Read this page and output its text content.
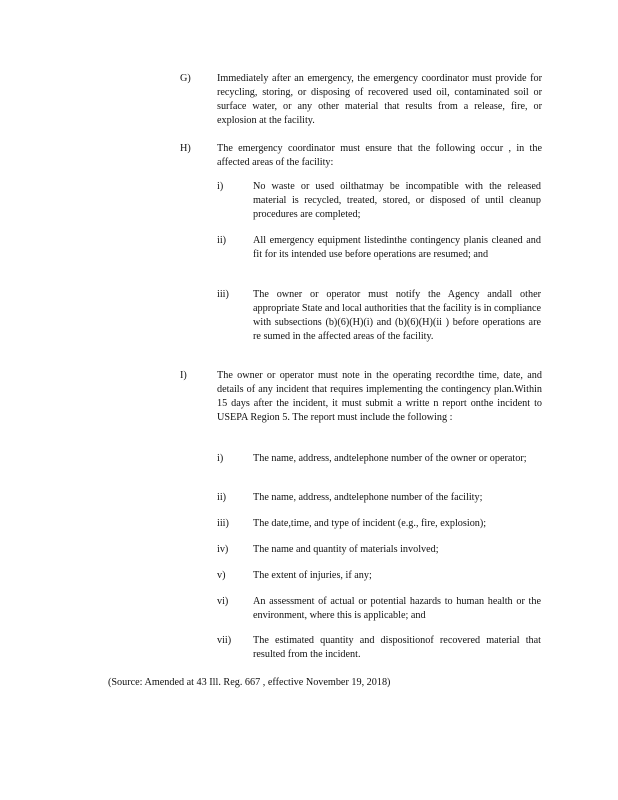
G)	Immediately after an emergency, the emergency coordinator must provide for recycling, storing, or disposing of recovered used oil, contaminated soil or surface water, or any other material that results from a release, fire, or explosion at the facility.
H)	The emergency coordinator must ensure that the following occur , in the affected areas of the facility:
i)	No waste or used oilthatmay be incompatible with the released material is recycled, treated, stored, or disposed of until cleanup procedures are completed;
ii)	All emergency equipment listedinthe contingency planis cleaned and fit for its intended use before operations are resumed; and
iii) The owner or operator must notify the Agency andall other appropriate State and local authorities that the facility is in compliance with subsections (b)(6)(H)(i) and (b)(6)(H)(ii ) before operations are re sumed in the affected areas of the facility.
I)	The owner or operator must note in the operating recordthe time, date, and details of any incident that requires implementing the contingency plan.Within 15 days after the incident, it must submit a writte n report onthe incident to USEPA Region 5. The report must include the following :
i)	The name, address, andtelephone number of the owner or operator;
ii)	The name, address, andtelephone number of the facility;
iii) The date,time, and type of incident (e.g., fire, explosion);
iv) The name and quantity of materials involved;
v)	The extent of injuries, if any;
vi) An assessment of actual or potential hazards to human health or the environment, where this is applicable; and
vii) The estimated quantity and dispositionof recovered material that resulted from the incident.
(Source: Amended at 43 Ill. Reg. 667 , effective November 19, 2018)
